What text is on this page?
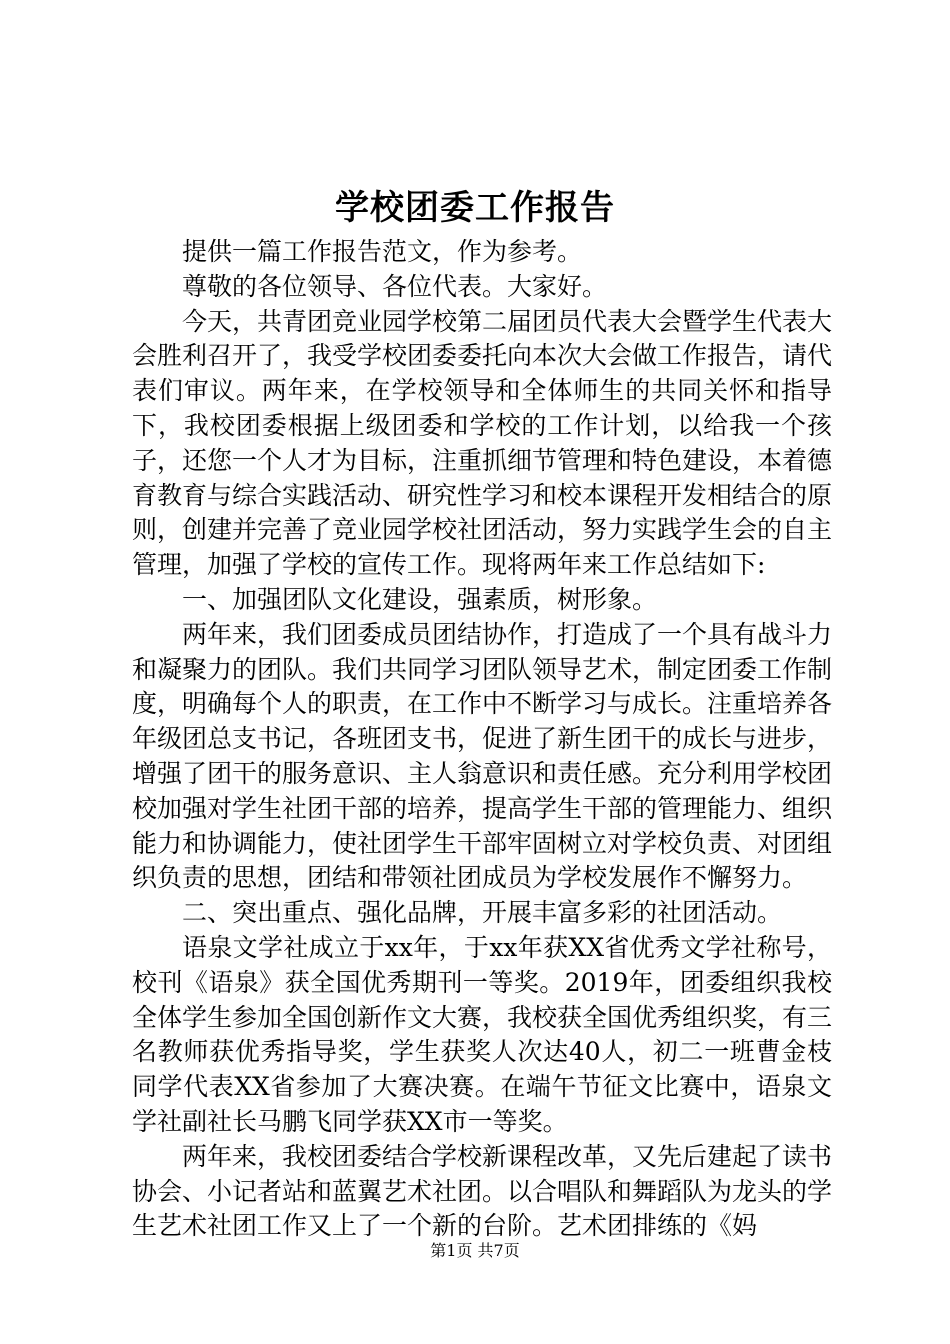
学校团委工作报告

提供一篇工作报告范文，作为参考。

尊敬的各位领导、各位代表。大家好。

今天，共青团竞业园学校第二届团员代表大会暨学生代表大会胜利召开了，我受学校团委委托向本次大会做工作报告，请代表们审议。两年来，在学校领导和全体师生的共同关怀和指导下，我校团委根据上级团委和学校的工作计划，以给我一个孩子，还您一个人才为目标，注重抓细节管理和特色建设，本着德育教育与综合实践活动、研究性学习和校本课程开发相结合的原则，创建并完善了竞业园学校社团活动，努力实践学生会的自主管理，加强了学校的宣传工作。现将两年来工作总结如下:

一、加强团队文化建设，强素质，树形象。

两年来，我们团委成员团结协作，打造成了一个具有战斗力和凝聚力的团队。我们共同学习团队领导艺术，制定团委工作制度，明确每个人的职责，在工作中不断学习与成长。注重培养各年级团总支书记，各班团支书，促进了新生团干的成长与进步，增强了团干的服务意识、主人翁意识和责任感。充分利用学校团校加强对学生社团干部的培养，提高学生干部的管理能力、组织能力和协调能力，使社团学生干部牢固树立对学校负责、对团组织负责的思想，团结和带领社团成员为学校发展作不懈努力。

二、突出重点、强化品牌，开展丰富多彩的社团活动。

语泉文学社成立于xx年，于xx年获XX省优秀文学社称号，校刊《语泉》获全国优秀期刊一等奖。2019年，团委组织我校全体学生参加全国创新作文大赛，我校获全国优秀组织奖，有三名教师获优秀指导奖，学生获奖人次达40人，初二一班曹金枝同学代表XX省参加了大赛决赛。在端午节征文比赛中，语泉文学社副社长马鹏飞同学获XX市一等奖。

两年来，我校团委结合学校新课程改革，又先后建起了读书协会、小记者站和蓝翼艺术社团。以合唱队和舞蹈队为龙头的学生艺术社团工作又上了一个新的台阶。艺术团排练的《妈

第1页 共7页
